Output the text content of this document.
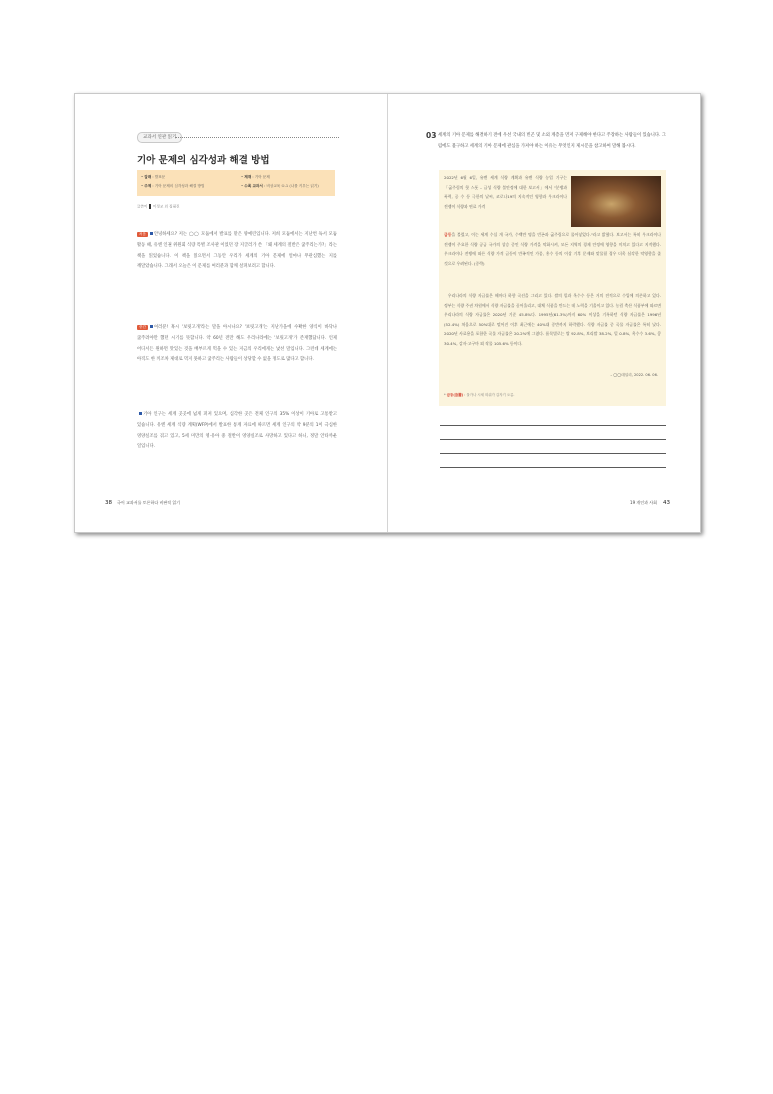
교과서 연관 읽기
기아 문제의 심각성과 해결 방법
• 갈래 : 발표문
• 주제 : 기아 문제의 심각성과 해결 방법
• 제재 : 기아 문제
• 수록 교과서 : 비상교육 ①-1 (나를 키우는 읽기)
글쓴이 이정교 외 집필진

처음 안녕하세요? 저는 ◯◯ 모둠에서 발표를 맡은 양예린입니다. 저희 모둠에서는 지난번 독서 모둠 활동 때, 유엔 인권 위원회 식량 특별 조사관 이었던 장 지글러가 쓴 「왜 세계의 절반은 굶주리는가?」라는 책을 읽었습니다. 이 책을 읽으면서 그동안 우리가 세계의 기아 문제에 얼마나 무관심했는 지를 깨달았습니다. 그래서 오늘은 이 문제를 여러분과 함께 살펴보려고 합니다.

중간 여러분! 혹시 '보릿고개'라는 말을 아시나요? '보릿고개'는 지난가을에 수확한 양식이 바닥나 굶주려야만 했던 시기를 뜻합니다. 약 60년 전만 해도 우리나라에는 '보릿고개'가 존재했답니다. 언제 어디서든 원하면 맛있는 것을 배부르게 먹을 수 있는 지금의 우리에게는 낯선 말입니다. 그런데 세계에는 아직도 한 끼조차 제대로 먹지 못하고 굶주리는 사람들이 상당할 수 없을 정도로 많다고 합니다.

기아 인구는 세계 곳곳에 넓게 퍼져 있으며, 심각한 곳은 전체 인구의 35% 이상이 기아로 고통받고 있습니다. 유엔 세계 식량 계획(WFP)에서 발표한 통계 자료에 따르면 세계 인구의 약 9분의 1이 극심한 영양실조를 겪고 있고, 5세 미만의 영·유아 중 절반이 영양실조로 사망하고 있다고 하니, 정말 안타까운 일입니다.

38 국어 교과서를 토론하다 비판적 읽기
03 세계의 기아 문제를 해결하기 전에 우선 국내의 빈곤 및 소외 계층을 먼저 구제해야 한다고 주장하는 사람들이 있습니다. 그럼에도 불구하고 세계의 기아 문제에 관심을 가져야 하는 이유는 무엇인지 제시문을 참고하여 말해 봅시다.

2022년 6월 6일, 유엔 세계 식량 계획과 유엔 식량 농업 기구는 「굶주림의 핫 스폿 – 급성 식량 불안정에 대한 보고서」에서 "분쟁과 폭력, 공 수 등 극한의 날씨, 코로나19의 지속적인 영향과 우크라이나 전쟁이 식량과 연료 가격

급등을 불렀고, 이는 세계 수십 개 국가, 수백만 명을 빈곤과 굶주림으로 몰아넣었다."라고 밝혔다. 보고서는 특히 우크라이나 전쟁이 주요한 식량 공급 국가의 상승 중인 식량 가격을 악화시켜, 모든 지역의 경제 안정에 영향을 미치고 있다고 지적했다. 우크라이나 전쟁에 따른 식량 가격 급등이 만족적인 가뭄, 홍수 등의 이상 기후 문제와 맞물릴 경우 더욱 심각한 악영향을 줄 것으로 우려된다. (중략)

우리나라의 식량 자급률은 해마다 하향 곡선을 그리고 있다. 쌀의 밀과 옥수수 등은 거의 전적으로 수입에 의존하고 있다. 정부는 식량 주권 차원에서 식량 자급률을 끌어올리고, 대체 식품을 만드는 데 노력을 기울이고 있다. 농림 축산 식품부에 따르면 우리나라의 식량 자급률은 2020년 기준 45.8%다. 1995년(61.3%)까지 60% 이상을 기록하던 식량 자급률은 1996년(52.4%) 처음으로 50%대로 떨어진 이후 최근에는 40%대 중반까지 하락했다. 식량 자급률 중 곡물 자급률은 특히 낮다. 2020년 사료용을 포함한 곡물 자급률은 20.2%에 그쳤다. 품목별로는 쌀 92.8%, 보리쌀 38.2%, 밀 0.8%, 옥수수 3.6%, 콩 30.4%, 감자·고구마 외 작물 105.6% 등이다.

– ◯◯데일리, 2022. 06. 06.
* 급등(急騰) : 물가나 시세 따위가 갑자기 오름.
19 개인과 사회 43
